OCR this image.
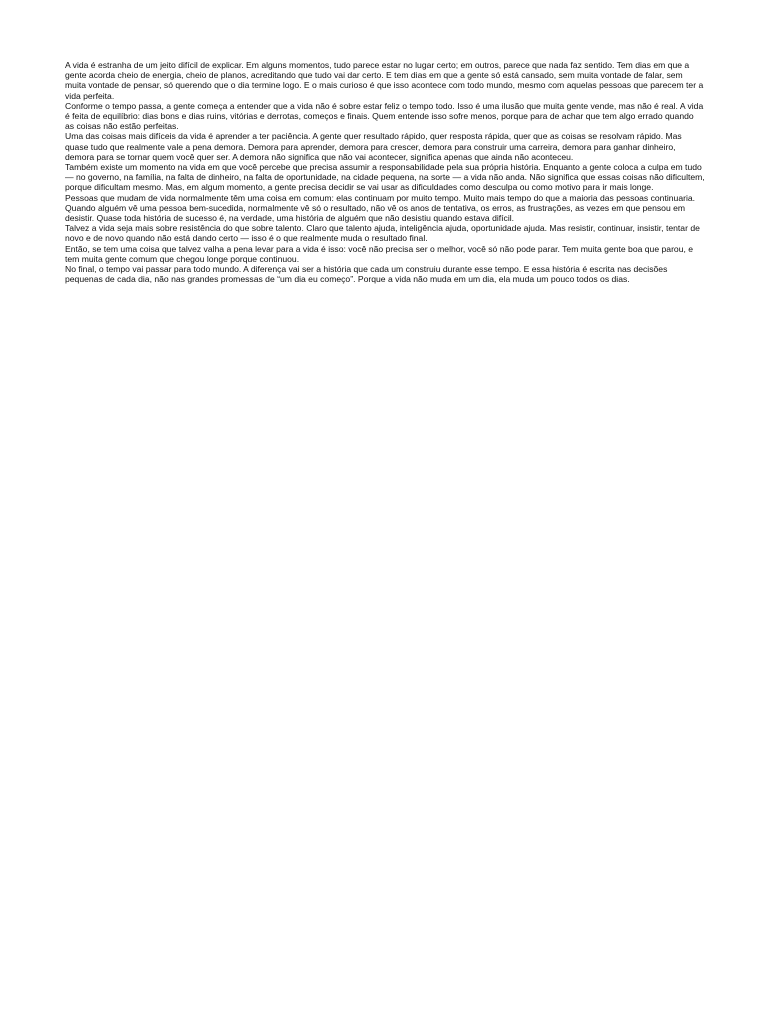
A vida é estranha de um jeito difícil de explicar. Em alguns momentos, tudo parece estar no lugar certo; em outros, parece que nada faz sentido. Tem dias em que a gente acorda cheio de energia, cheio de planos, acreditando que tudo vai dar certo. E tem dias em que a gente só está cansado, sem muita vontade de falar, sem muita vontade de pensar, só querendo que o dia termine logo. E o mais curioso é que isso acontece com todo mundo, mesmo com aquelas pessoas que parecem ter a vida perfeita.

Conforme o tempo passa, a gente começa a entender que a vida não é sobre estar feliz o tempo todo. Isso é uma ilusão que muita gente vende, mas não é real. A vida é feita de equilíbrio: dias bons e dias ruins, vitórias e derrotas, começos e finais. Quem entende isso sofre menos, porque para de achar que tem algo errado quando as coisas não estão perfeitas.

Uma das coisas mais difíceis da vida é aprender a ter paciência. A gente quer resultado rápido, quer resposta rápida, quer que as coisas se resolvam rápido. Mas quase tudo que realmente vale a pena demora. Demora para aprender, demora para crescer, demora para construir uma carreira, demora para ganhar dinheiro, demora para se tornar quem você quer ser. A demora não significa que não vai acontecer, significa apenas que ainda não aconteceu.

Também existe um momento na vida em que você percebe que precisa assumir a responsabilidade pela sua própria história. Enquanto a gente coloca a culpa em tudo — no governo, na família, na falta de dinheiro, na falta de oportunidade, na cidade pequena, na sorte — a vida não anda. Não significa que essas coisas não dificultem, porque dificultam mesmo. Mas, em algum momento, a gente precisa decidir se vai usar as dificuldades como desculpa ou como motivo para ir mais longe.

Pessoas que mudam de vida normalmente têm uma coisa em comum: elas continuam por muito tempo. Muito mais tempo do que a maioria das pessoas continuaria. Quando alguém vê uma pessoa bem-sucedida, normalmente vê só o resultado, não vê os anos de tentativa, os erros, as frustrações, as vezes em que pensou em desistir. Quase toda história de sucesso é, na verdade, uma história de alguém que não desistiu quando estava difícil.

Talvez a vida seja mais sobre resistência do que sobre talento. Claro que talento ajuda, inteligência ajuda, oportunidade ajuda. Mas resistir, continuar, insistir, tentar de novo e de novo quando não está dando certo — isso é o que realmente muda o resultado final.

Então, se tem uma coisa que talvez valha a pena levar para a vida é isso: você não precisa ser o melhor, você só não pode parar. Tem muita gente boa que parou, e tem muita gente comum que chegou longe porque continuou.

No final, o tempo vai passar para todo mundo. A diferença vai ser a história que cada um construiu durante esse tempo. E essa história é escrita nas decisões pequenas de cada dia, não nas grandes promessas de “um dia eu começo”. Porque a vida não muda em um dia, ela muda um pouco todos os dias.
